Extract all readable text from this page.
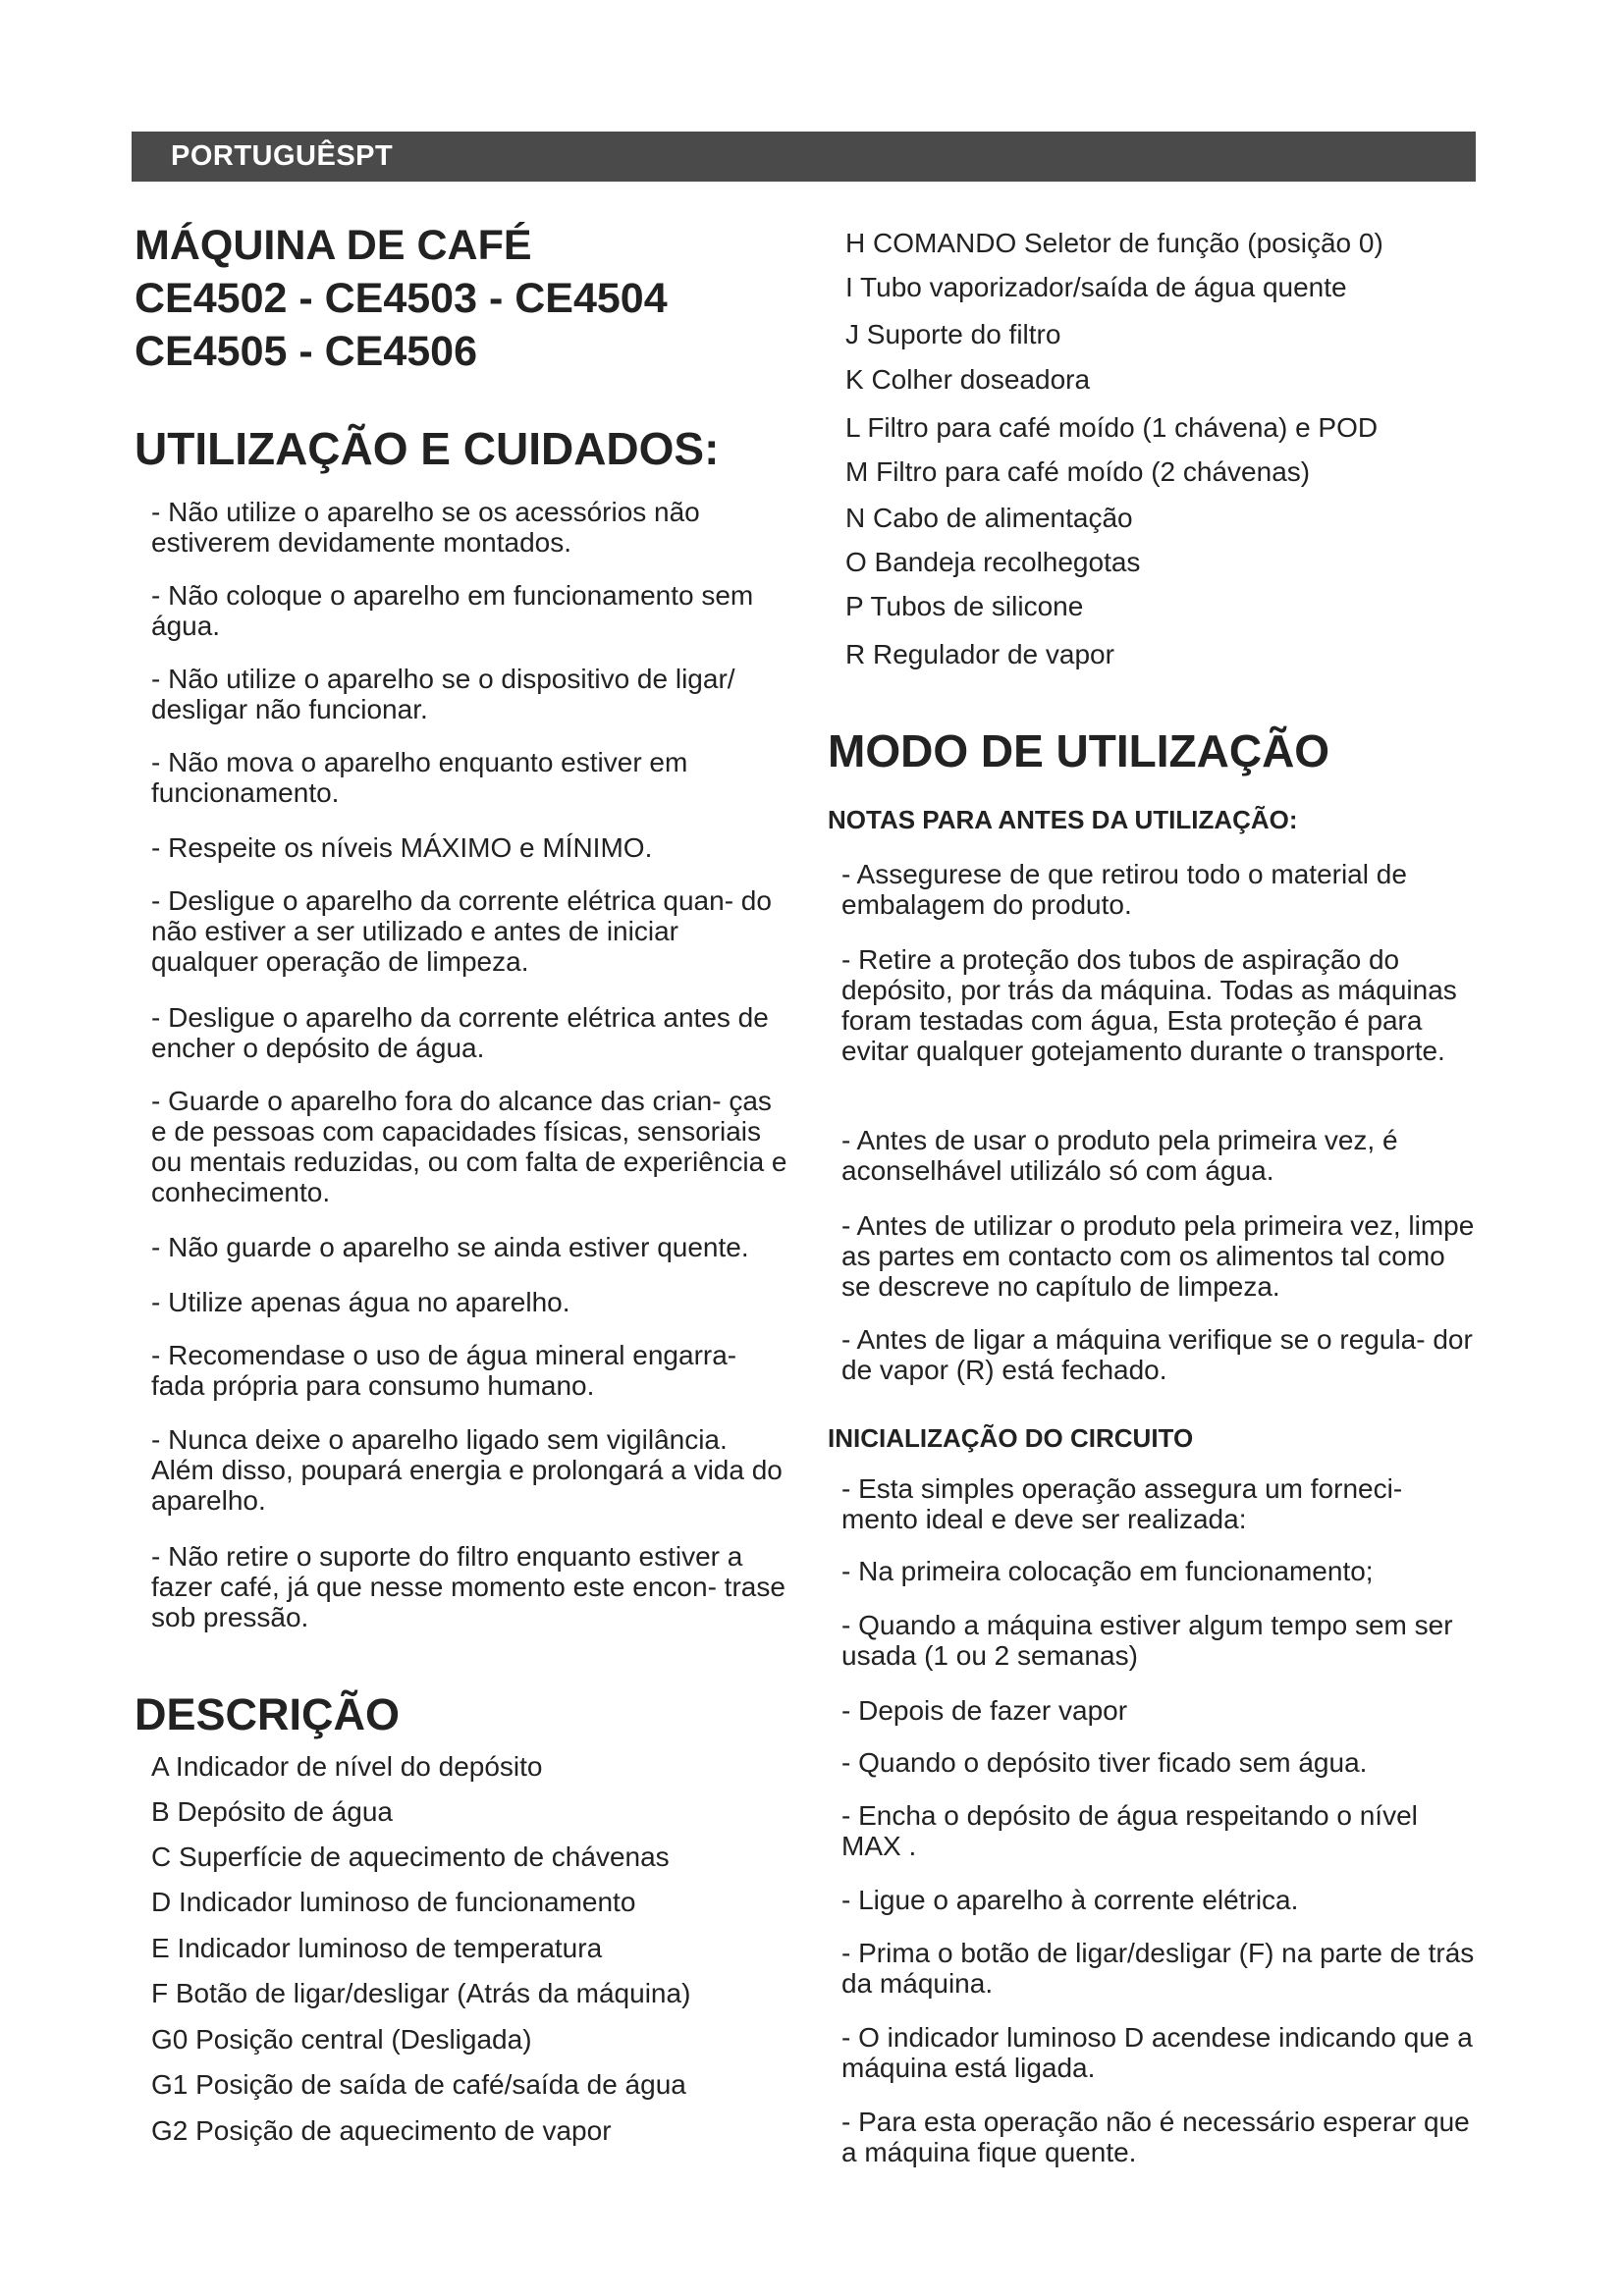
PORTUGUÊSPT
MÁQUINA DE CAFÉ
CE4502 - CE4503 - CE4504
CE4505 - CE4506
UTILIZAÇÃO E CUIDADOS:
- Não utilize o aparelho se os acessórios não estiverem devidamente montados.
- Não coloque o aparelho em funcionamento sem água.
- Não utilize o aparelho se o dispositivo de ligar/ desligar não funcionar.
- Não mova o aparelho enquanto estiver em funcionamento.
- Respeite os níveis MÁXIMO e MÍNIMO.
- Desligue o aparelho da corrente elétrica quan- do não estiver a ser utilizado e antes de iniciar qualquer operação de limpeza.
- Desligue o aparelho da corrente elétrica antes de encher o depósito de água.
- Guarde o aparelho fora do alcance das crian- ças e de pessoas com capacidades físicas, sensoriais ou mentais reduzidas, ou com falta de experiência e conhecimento.
- Não guarde o aparelho se ainda estiver quente.
- Utilize apenas água no aparelho.
- Recomendase o uso de água mineral engarra- fada própria para consumo humano.
- Nunca deixe o aparelho ligado sem vigilância. Além disso, poupará energia e prolongará a vida do aparelho.
- Não retire o suporte do filtro enquanto estiver a fazer café, já que nesse momento este encon- trase sob pressão.
DESCRIÇÃO
A Indicador de nível do depósito
B Depósito de água
C Superfície de aquecimento de chávenas
D Indicador luminoso de funcionamento
E Indicador luminoso de temperatura
F Botão de ligar/desligar (Atrás da máquina)
G0 Posição central (Desligada)
G1 Posição de saída de café/saída de água
G2 Posição de aquecimento de vapor
H COMANDO Seletor de função (posição 0)
I Tubo vaporizador/saída de água quente
J Suporte do filtro
K Colher doseadora
L Filtro para café moído (1 chávena) e POD
M Filtro para café moído (2 chávenas)
N Cabo de alimentação
O Bandeja recolhegotas
P Tubos de silicone
R Regulador de vapor
MODO DE UTILIZAÇÃO
NOTAS PARA ANTES DA UTILIZAÇÃO:
- Assegurese de que retirou todo o material de embalagem do produto.
- Retire a proteção dos tubos de aspiração do depósito, por trás da máquina. Todas as máquinas foram testadas com água, Esta proteção é para evitar qualquer gotejamento durante o transporte.
- Antes de usar o produto pela primeira vez, é aconselhável utilizálo só com água.
- Antes de utilizar o produto pela primeira vez, limpe as partes em contacto com os alimentos tal como se descreve no capítulo de limpeza.
- Antes de ligar a máquina verifique se o regula- dor de vapor (R) está fechado.
INICIALIZAÇÃO DO CIRCUITO
- Esta simples operação assegura um forneci- mento ideal e deve ser realizada:
- Na primeira colocação em funcionamento;
- Quando a máquina estiver algum tempo sem ser usada (1 ou 2 semanas)
- Depois de fazer vapor
- Quando o depósito tiver ficado sem água.
- Encha o depósito de água respeitando o nível MAX .
- Ligue o aparelho à corrente elétrica.
- Prima o botão de ligar/desligar (F) na parte de trás da máquina.
- O indicador luminoso D acendese indicando que a máquina está ligada.
- Para esta operação não é necessário esperar que a máquina fique quente.
